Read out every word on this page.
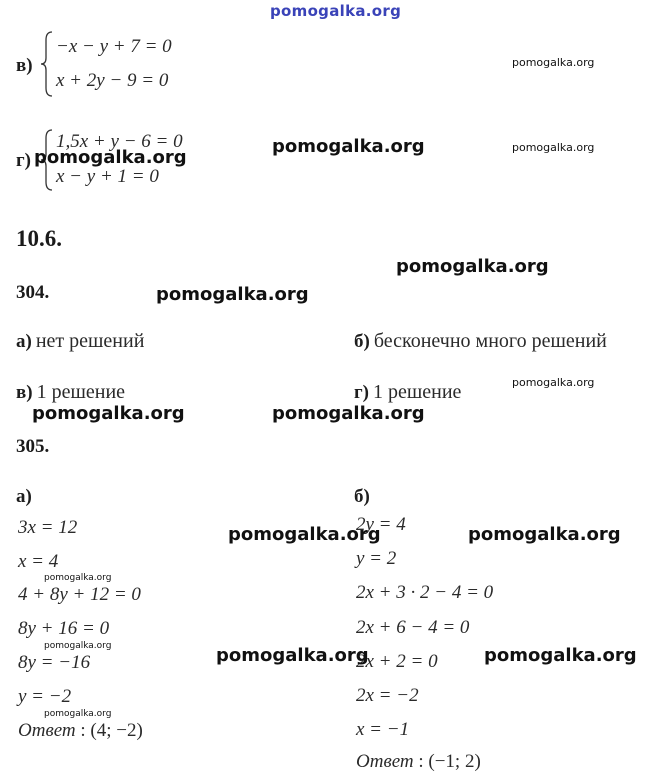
pomogalka.org
в)
−x − y + 7 = 0
x + 2y − 9 = 0
pomogalka.org
1,5x + y − 6 = 0
x − y + 1 = 0
г) pomogalka.org
pomogalka.org	pomogalka.org
10.6.
pomogalka.org
304.	pomogalka.org
а) нет решений	б) бесконечно много решений
в) 1 решение	г) 1 решение	pomogalka.org
pomogalka.org	pomogalka.org
305.
а)	б)
3x = 12
x = 4
4 + 8y + 12 = 0
8y + 16 = 0
8y = −16
y = −2
Ответ : (4; −2)
pomogalka.org
pomogalka.org
pomogalka.org
2y = 4
y = 2
2x + 3 · 2 − 4 = 0
2x + 6 − 4 = 0
2x + 2 = 0
2x = −2
x = −1
Ответ : (−1; 2)
pomogalka.org	pomogalka.org
pomogalka.org	pomogalka.org
